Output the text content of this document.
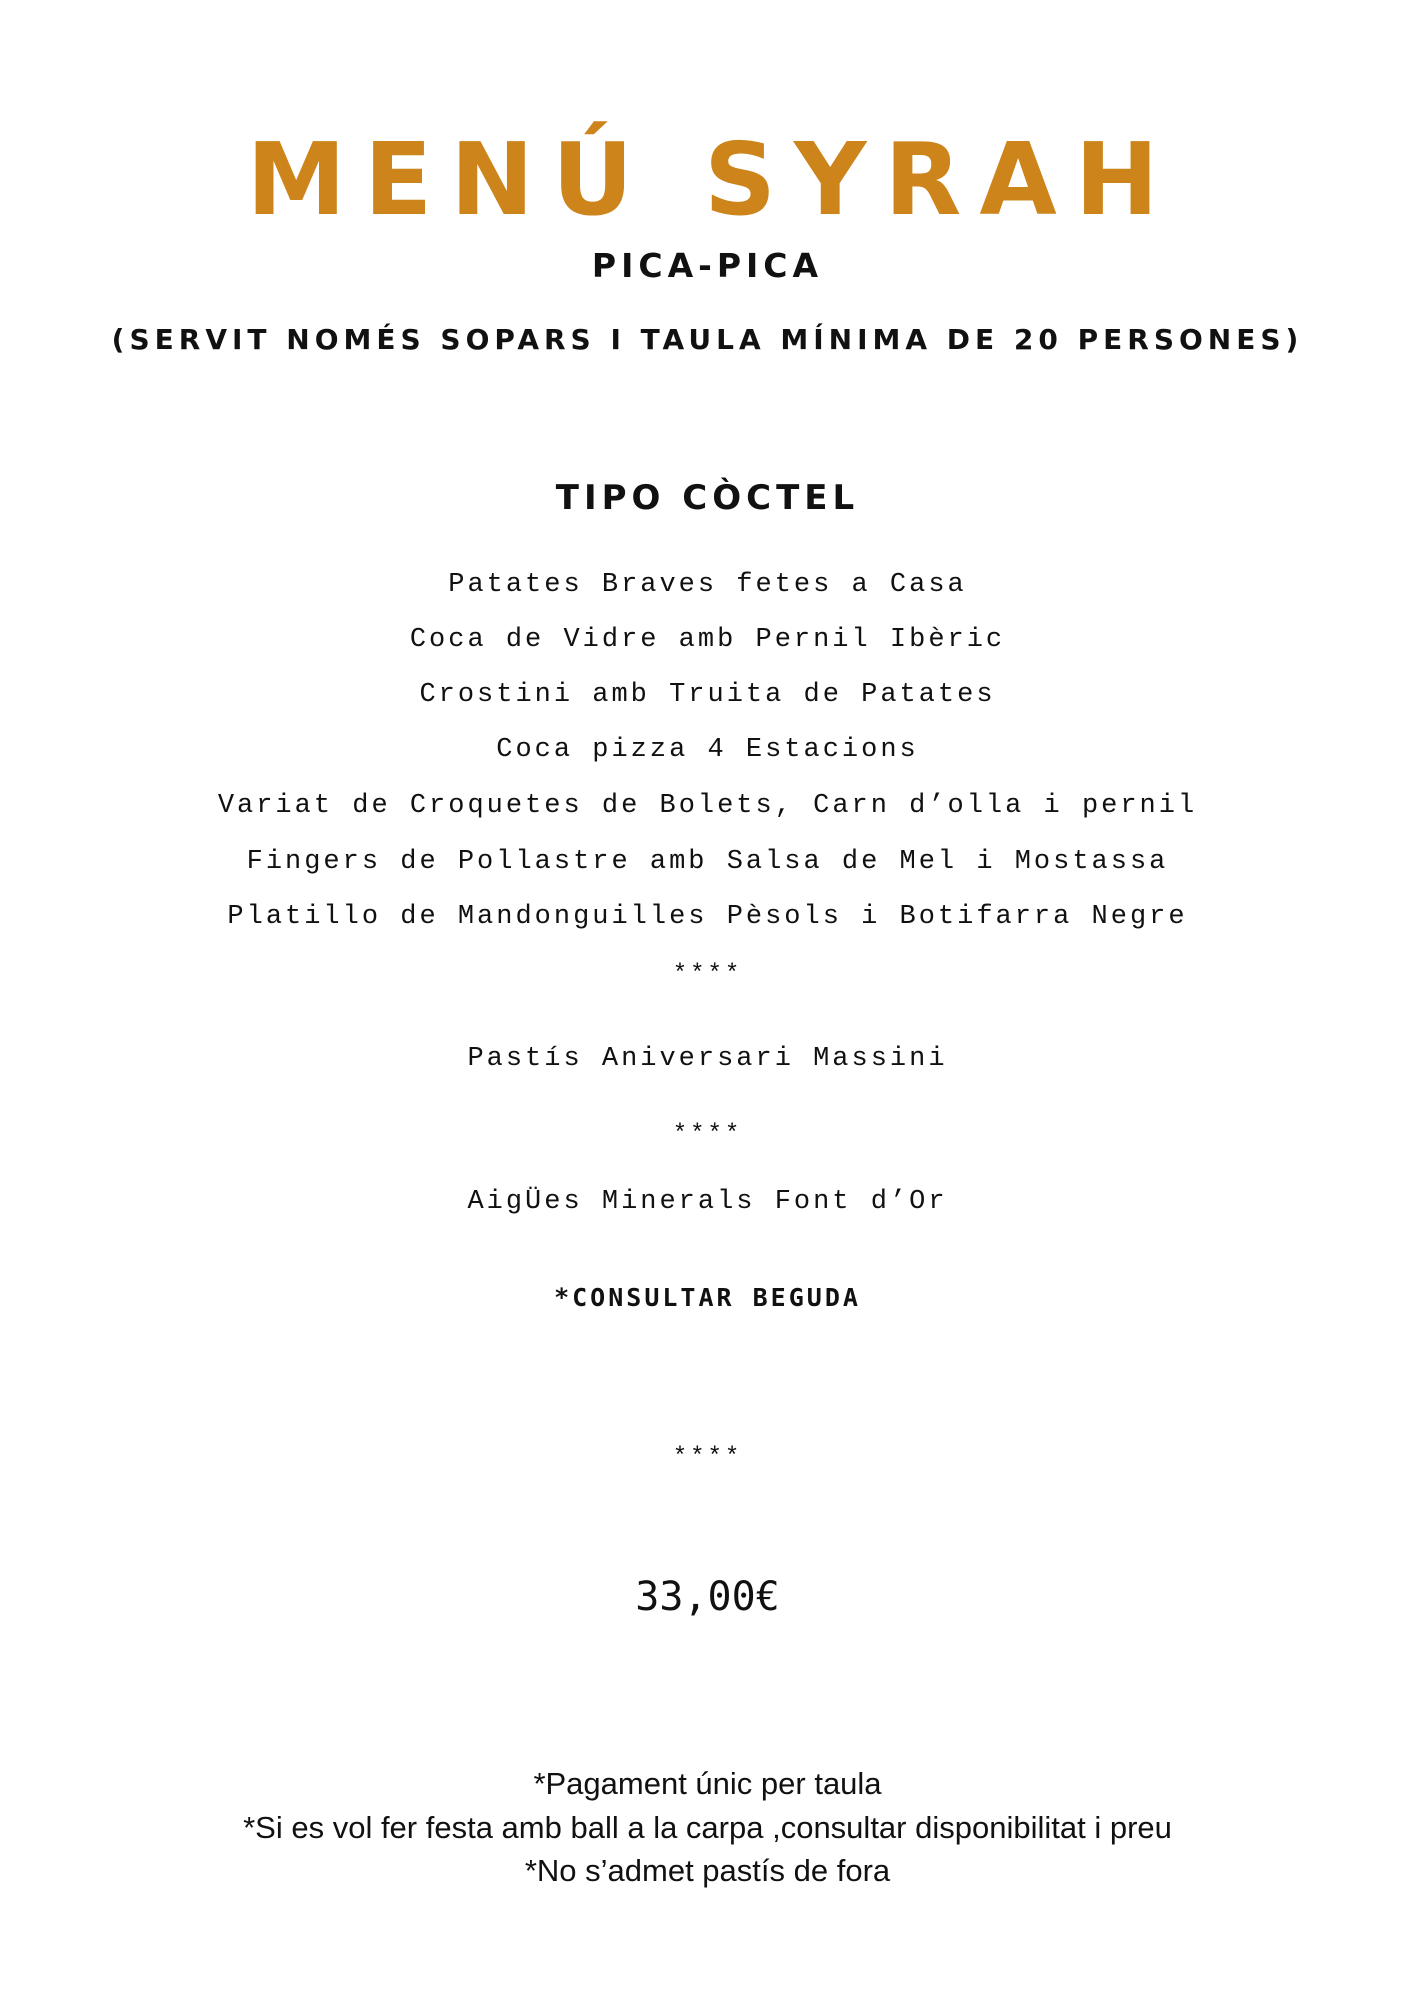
MENÚ SYRAH
PICA-PICA

(SERVIT NOMÉS SOPARS I TAULA MÍNIMA DE 20 PERSONES)

TIPO CÒCTEL

Patates Braves fetes a Casa

Coca de Vidre amb Pernil Ibèric

Crostini amb Truita de Patates

Coca pizza 4 Estacions

Variat de Croquetes de Bolets, Carn d’olla i pernil

Fingers de Pollastre amb Salsa de Mel i Mostassa

Platillo de Mandonguilles Pèsols i Botifarra Negre

****

Pastís Aniversari Massini

****

AigÜes Minerals Font d’Or

*CONSULTAR BEGUDA

****

33,00€

*Pagament únic per taula

*Si es vol fer festa amb ball a la carpa ,consultar disponibilitat i preu

*No s’admet pastís de fora
